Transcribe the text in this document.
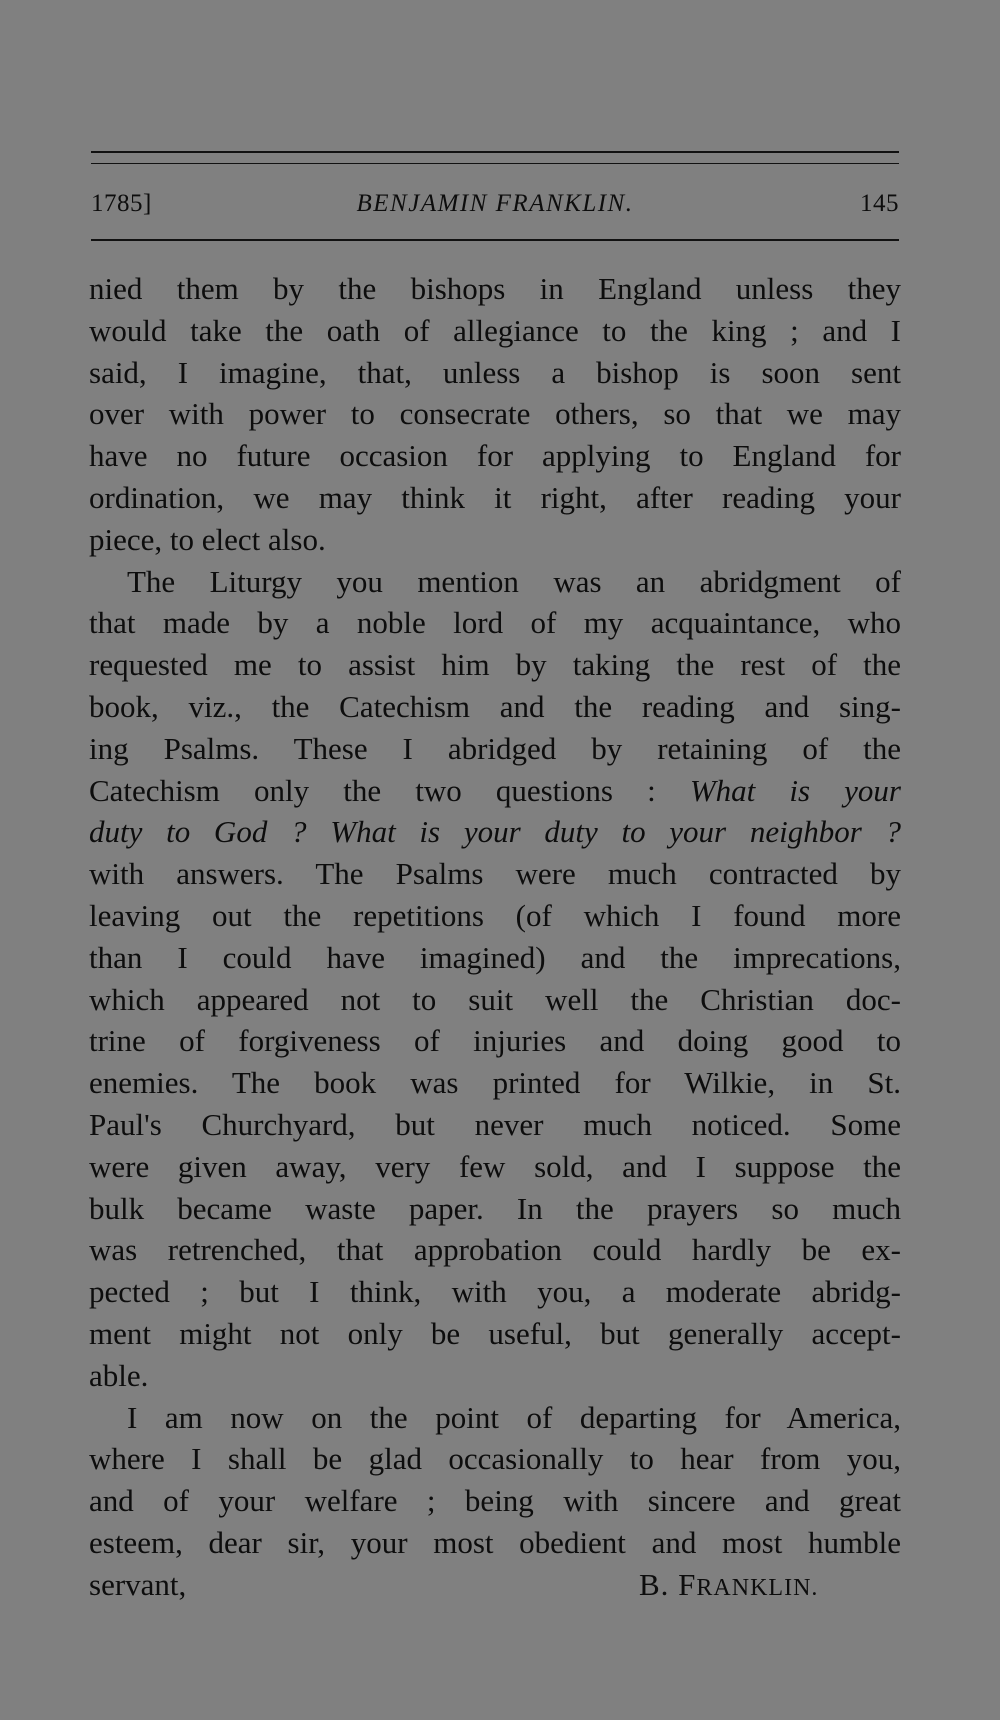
1785]	BENJAMIN FRANKLIN.	145
nied them by the bishops in England unless they
would take the oath of allegiance to the king ; and I
said, I imagine, that, unless a bishop is soon sent
over with power to consecrate others, so that we may
have no future occasion for applying to England for
ordination, we may think it right, after reading your
piece, to elect also.
The Liturgy you mention was an abridgment of
that made by a noble lord of my acquaintance, who
requested me to assist him by taking the rest of the
book, viz., the Catechism and the reading and sing-
ing Psalms. These I abridged by retaining of the
Catechism only the two questions : What is your
duty to God ? What is your duty to your neighbor ?
with answers. The Psalms were much contracted by
leaving out the repetitions (of which I found more
than I could have imagined) and the imprecations,
which appeared not to suit well the Christian doc-
trine of forgiveness of injuries and doing good to
enemies. The book was printed for Wilkie, in St.
Paul's Churchyard, but never much noticed. Some
were given away, very few sold, and I suppose the
bulk became waste paper. In the prayers so much
was retrenched, that approbation could hardly be ex-
pected ; but I think, with you, a moderate abridg-
ment might not only be useful, but generally accept-
able.
I am now on the point of departing for America,
where I shall be glad occasionally to hear from you,
and of your welfare ; being with sincere and great
esteem, dear sir, your most obedient and most humble
servant,	B. FRANKLIN.
